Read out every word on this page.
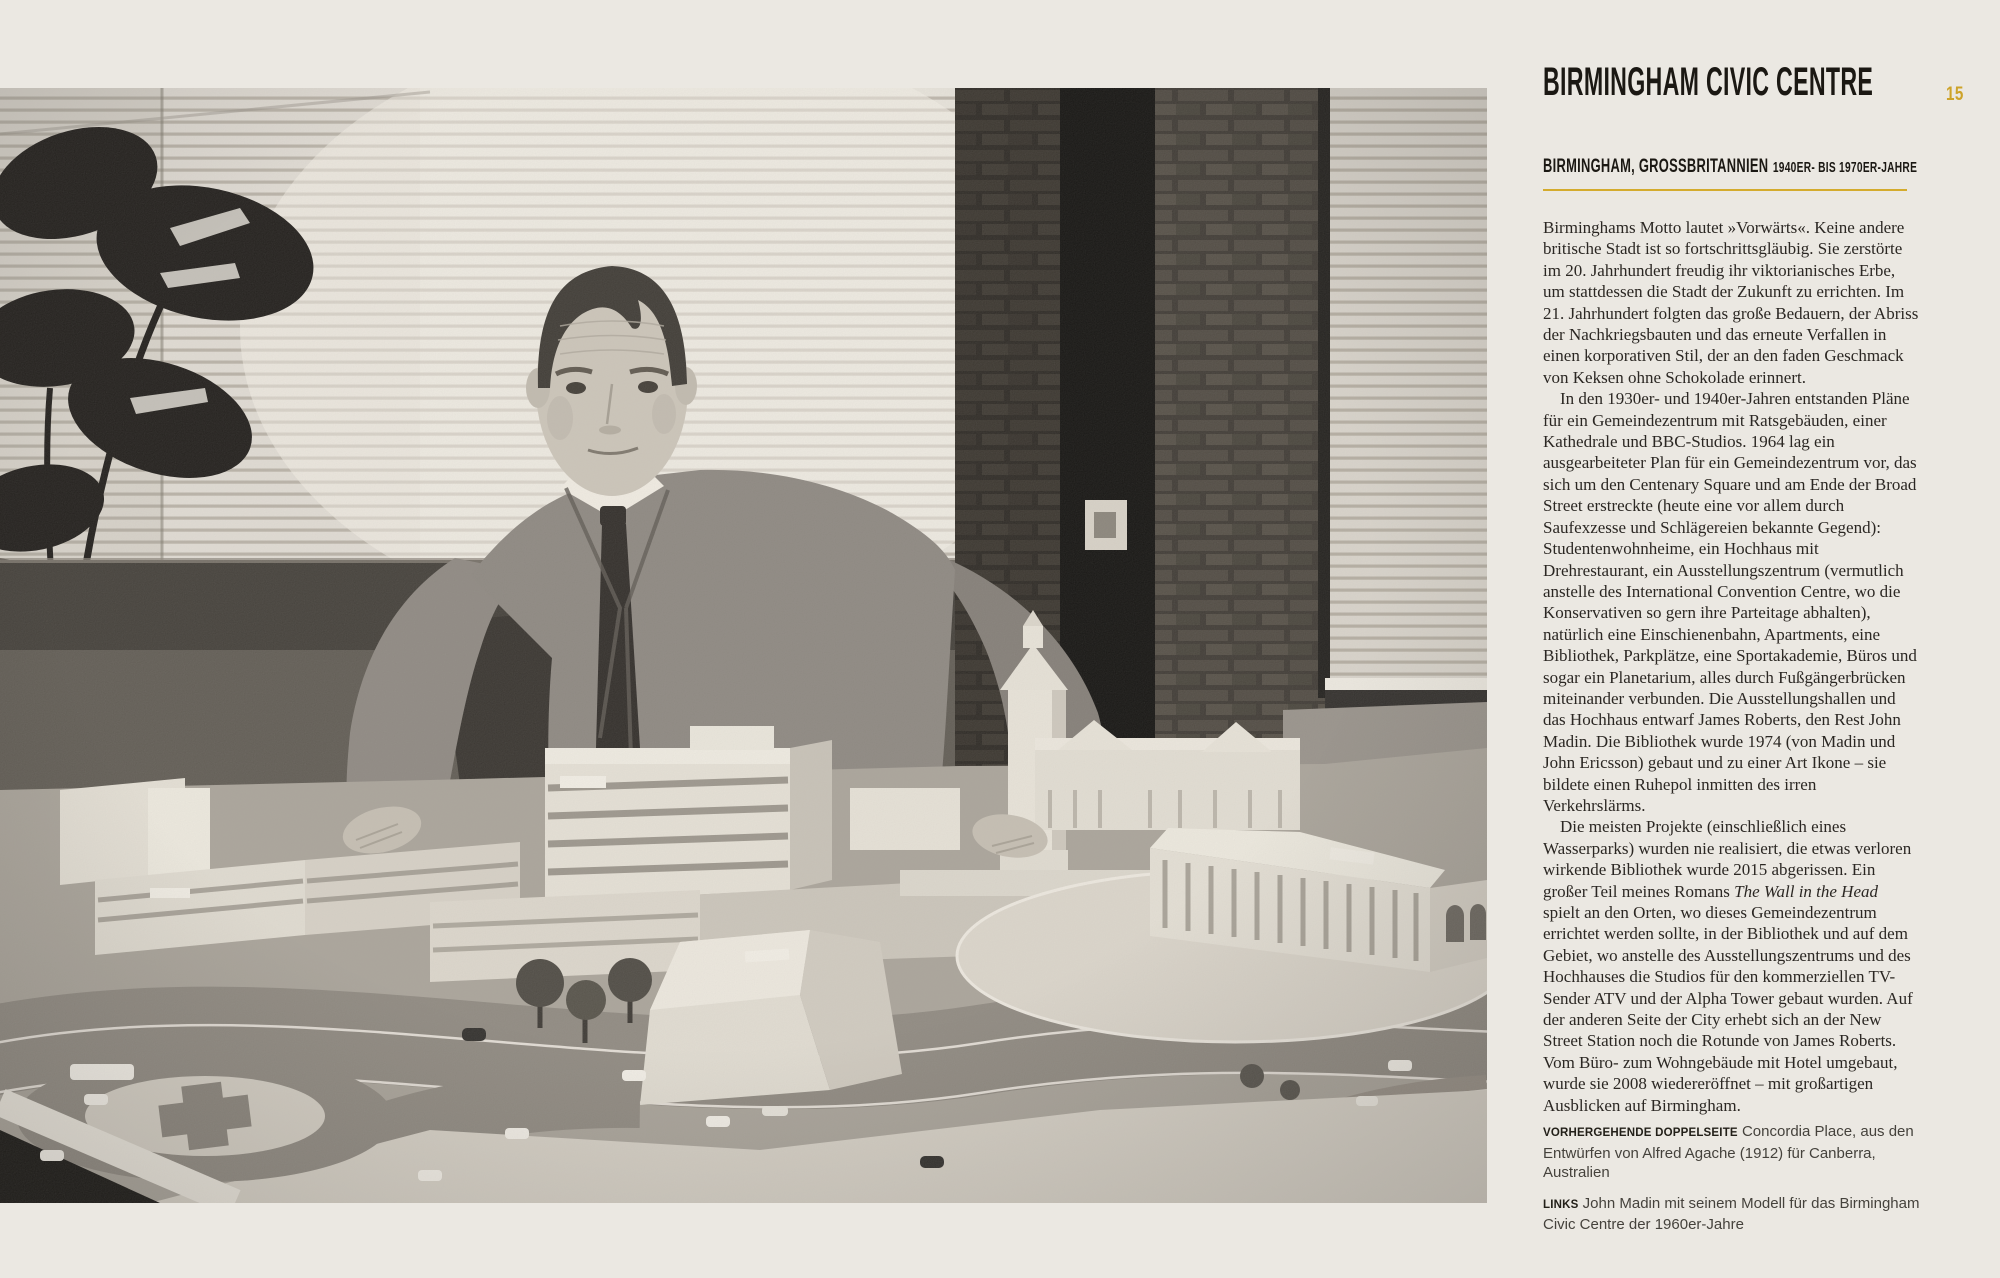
15
BIRMINGHAM CIVIC CENTRE
BIRMINGHAM, GROSSBRITANNIEN 1940ER- BIS 1970ER-JAHRE

Birminghams Motto lautet »Vorwärts«. Keine andere britische Stadt ist so fortschrittsgläubig. Sie zerstörte im 20. Jahrhundert freudig ihr viktorianisches Erbe, um stattdessen die Stadt der Zukunft zu errichten. Im 21. Jahrhundert folgten das große Bedauern, der Abriss der Nachkriegsbauten und das erneute Verfallen in einen korporativen Stil, der an den faden Geschmack von Keksen ohne Schokolade erinnert.

In den 1930er- und 1940er-Jahren entstanden Pläne für ein Gemeindezentrum mit Ratsgebäuden, einer Kathedrale und BBC-Studios. 1964 lag ein ausgearbeiteter Plan für ein Gemeindezentrum vor, das sich um den Centenary Square und am Ende der Broad Street erstreckte (heute eine vor allem durch Saufexzesse und Schlägereien bekannte Gegend): Studentenwohnheime, ein Hochhaus mit Drehrestaurant, ein Ausstellungszentrum (vermutlich anstelle des International Convention Centre, wo die Konservativen so gern ihre Parteitage abhalten), natürlich eine Einschienenbahn, Apartments, eine Bibliothek, Parkplätze, eine Sportakademie, Büros und sogar ein Planetarium, alles durch Fußgängerbrücken miteinander verbunden. Die Ausstellungshallen und das Hochhaus entwarf James Roberts, den Rest John Madin. Die Bibliothek wurde 1974 (von Madin und John Ericsson) gebaut und zu einer Art Ikone – sie bildete einen Ruhepol inmitten des irren Verkehrslärms.

Die meisten Projekte (einschließlich eines Wasserparks) wurden nie realisiert, die etwas verloren wirkende Bibliothek wurde 2015 abgerissen. Ein großer Teil meines Romans The Wall in the Head spielt an den Orten, wo dieses Gemeindezentrum errichtet werden sollte, in der Bibliothek und auf dem Gebiet, wo anstelle des Ausstellungszentrums und des Hochhauses die Studios für den kommerziellen TV-Sender ATV und der Alpha Tower gebaut wurden. Auf der anderen Seite der City erhebt sich an der New Street Station noch die Rotunde von James Roberts. Vom Büro- zum Wohngebäude mit Hotel umgebaut, wurde sie 2008 wiedereröffnet – mit großartigen Ausblicken auf Birmingham.

VORHERGEHENDE DOPPELSEITE Concordia Place, aus den Entwürfen von Alfred Agache (1912) für Canberra, Australien

LINKS John Madin mit seinem Modell für das Birmingham Civic Centre der 1960er-Jahre
